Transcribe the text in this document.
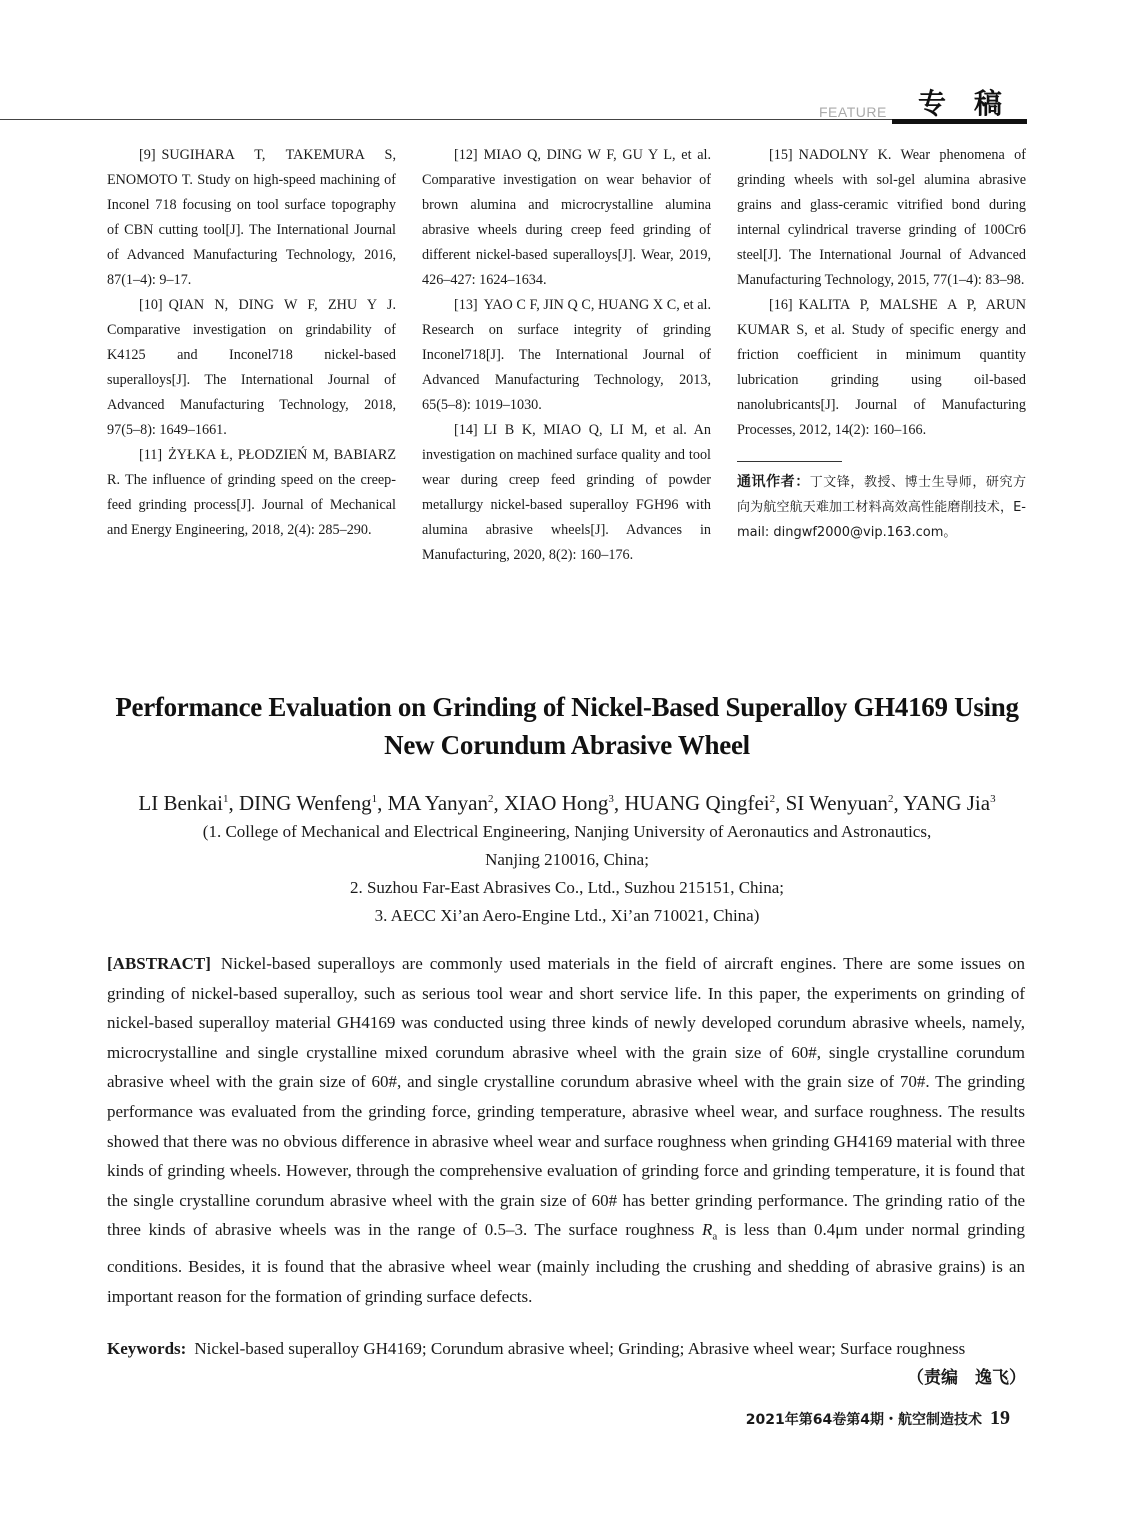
FEATURE 专稿

[9] SUGIHARA T, TAKEMURA S, ENOMOTO T. Study on high-speed machining of Inconel 718 focusing on tool surface topography of CBN cutting tool[J]. The International Journal of Advanced Manufacturing Technology, 2016, 87(1–4): 9–17.

[10] QIAN N, DING W F, ZHU Y J. Comparative investigation on grindability of K4125 and Inconel718 nickel-based superalloys[J]. The International Journal of Advanced Manufacturing Technology, 2018, 97(5–8): 1649–1661.

[11] ŻYŁKA Ł, PŁODZIEŃ M, BABIARZ R. The influence of grinding speed on the creep-feed grinding process[J]. Journal of Mechanical and Energy Engineering, 2018, 2(4): 285–290.

[12] MIAO Q, DING W F, GU Y L, et al. Comparative investigation on wear behavior of brown alumina and microcrystalline alumina abrasive wheels during creep feed grinding of different nickel-based superalloys[J]. Wear, 2019, 426–427: 1624–1634.

[13] YAO C F, JIN Q C, HUANG X C, et al. Research on surface integrity of grinding Inconel718[J]. The International Journal of Advanced Manufacturing Technology, 2013, 65(5–8): 1019–1030.

[14] LI B K, MIAO Q, LI M, et al. An investigation on machined surface quality and tool wear during creep feed grinding of powder metallurgy nickel-based superalloy FGH96 with alumina abrasive wheels[J]. Advances in Manufacturing, 2020, 8(2): 160–176.

[15] NADOLNY K. Wear phenomena of grinding wheels with sol-gel alumina abrasive grains and glass-ceramic vitrified bond during internal cylindrical traverse grinding of 100Cr6 steel[J]. The International Journal of Advanced Manufacturing Technology, 2015, 77(1–4): 83–98.

[16] KALITA P, MALSHE A P, ARUN KUMAR S, et al. Study of specific energy and friction coefficient in minimum quantity lubrication grinding using oil-based nanolubricants[J]. Journal of Manufacturing Processes, 2012, 14(2): 160–166.

通讯作者：丁文锋，教授、博士生导师，研究方向为航空航天难加工材料高效高性能磨削技术，E-mail: dingwf2000@vip.163.com。

Performance Evaluation on Grinding of Nickel-Based Superalloy GH4169 Using
New Corundum Abrasive Wheel
LI Benkai$^1$, DING Wenfeng$^1$, MA Yanyan$^2$, XIAO Hong$^3$, HUANG Qingfei$^2$, SI Wenyuan$^2$, YANG Jia$^3$
(1. College of Mechanical and Electrical Engineering, Nanjing University of Aeronautics and Astronautics,
Nanjing 210016, China;
2. Suzhou Far-East Abrasives Co., Ltd., Suzhou 215151, China;
3. AECC Xi’an Aero-Engine Ltd., Xi’an 710021, China)
[ABSTRACT] Nickel-based superalloys are commonly used materials in the field of aircraft engines. There are some issues on grinding of nickel-based superalloy, such as serious tool wear and short service life. In this paper, the experiments on grinding of nickel-based superalloy material GH4169 was conducted using three kinds of newly developed corundum abrasive wheels, namely, microcrystalline and single crystalline mixed corundum abrasive wheel with the grain size of 60#, single crystalline corundum abrasive wheel with the grain size of 60#, and single crystalline corundum abrasive wheel with the grain size of 70#. The grinding performance was evaluated from the grinding force, grinding temperature, abrasive wheel wear, and surface roughness. The results showed that there was no obvious difference in abrasive wheel wear and surface roughness when grinding GH4169 material with three kinds of grinding wheels. However, through the comprehensive evaluation of grinding force and grinding temperature, it is found that the single crystalline corundum abrasive wheel with the grain size of 60# has better grinding performance. The grinding ratio of the three kinds of abrasive wheels was in the range of 0.5–3. The surface roughness $R_a$ is less than 0.4μm under normal grinding conditions. Besides, it is found that the abrasive wheel wear (mainly including the crushing and shedding of abrasive grains) is an important reason for the formation of grinding surface defects.
Keywords: Nickel-based superalloy GH4169; Corundum abrasive wheel; Grinding; Abrasive wheel wear; Surface roughness
（责编　逸飞）
2021年第64卷第4期・航空制造技术 19
